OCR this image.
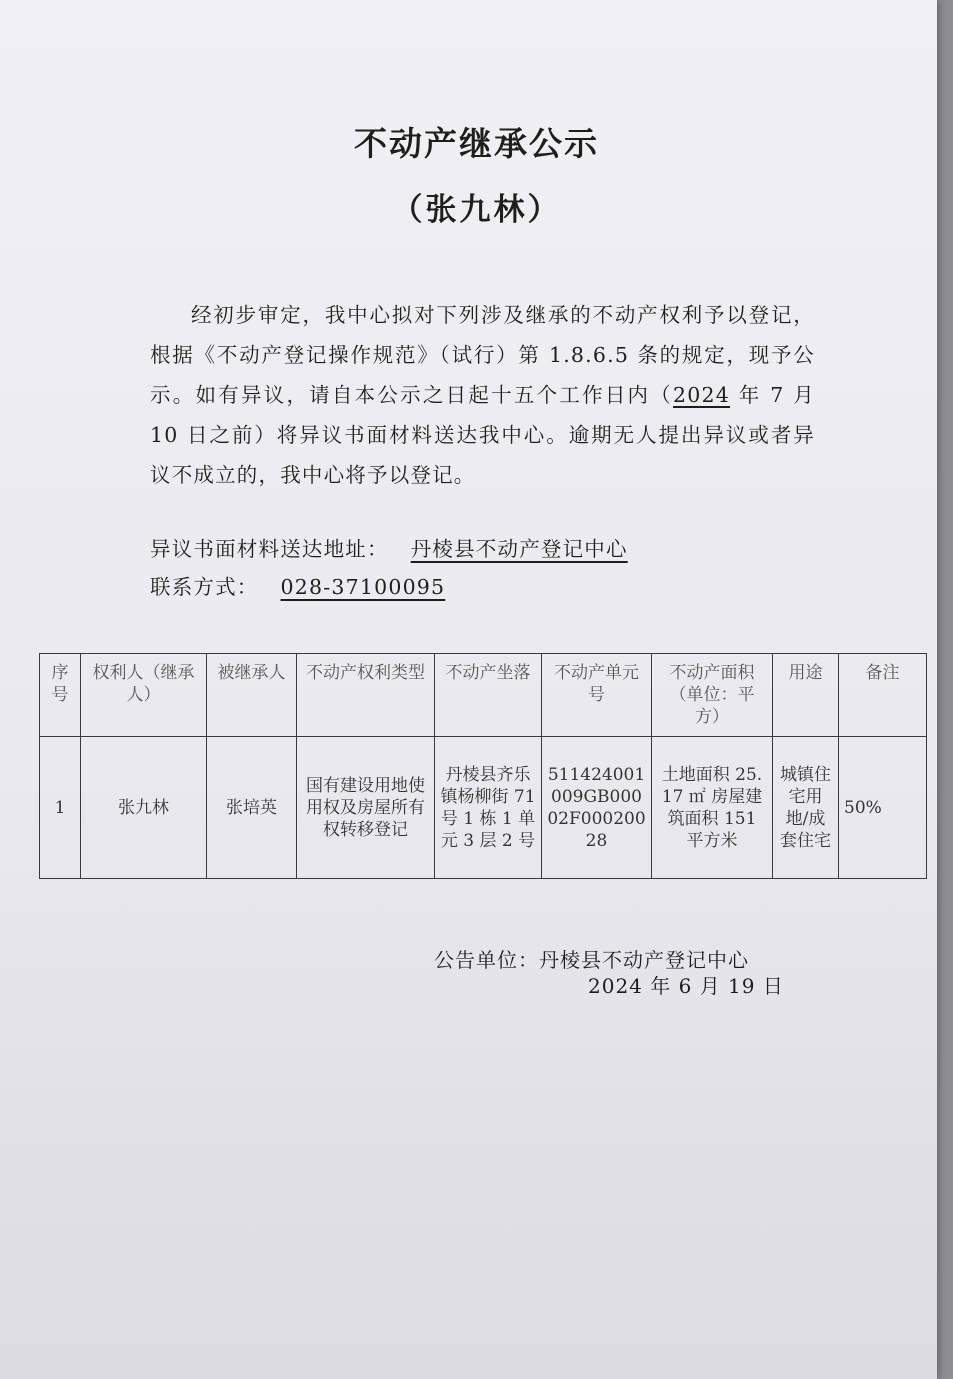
不动产继承公示
（张九林）

经初步审定，我中心拟对下列涉及继承的不动产权利予以登记，根据《不动产登记操作规范》（试行）第 1.8.6.5 条的规定，现予公示。如有异议，请自本公示之日起十五个工作日内（2024 年 7 月 10 日之前）将异议书面材料送达我中心。逾期无人提出异议或者异议不成立的，我中心将予以登记。

异议书面材料送达地址： 丹棱县不动产登记中心

联系方式： 028-37100095

序号	权利人（继承人）	被继承人	不动产权利类型	不动产坐落	不动产单元号	不动产面积（单位：平方）	用途	备注
1	张九林	张培英	国有建设用地使用权及房屋所有权转移登记	丹棱县齐乐镇杨柳街 71 号 1 栋 1 单元 3 层 2 号	511424001009GB00002F00020028	土地面积 25.17 ㎡ 房屋建筑面积 151 平方米	城镇住宅用地/成套住宅	50%

公告单位：丹棱县不动产登记中心

2024 年 6 月 19 日
